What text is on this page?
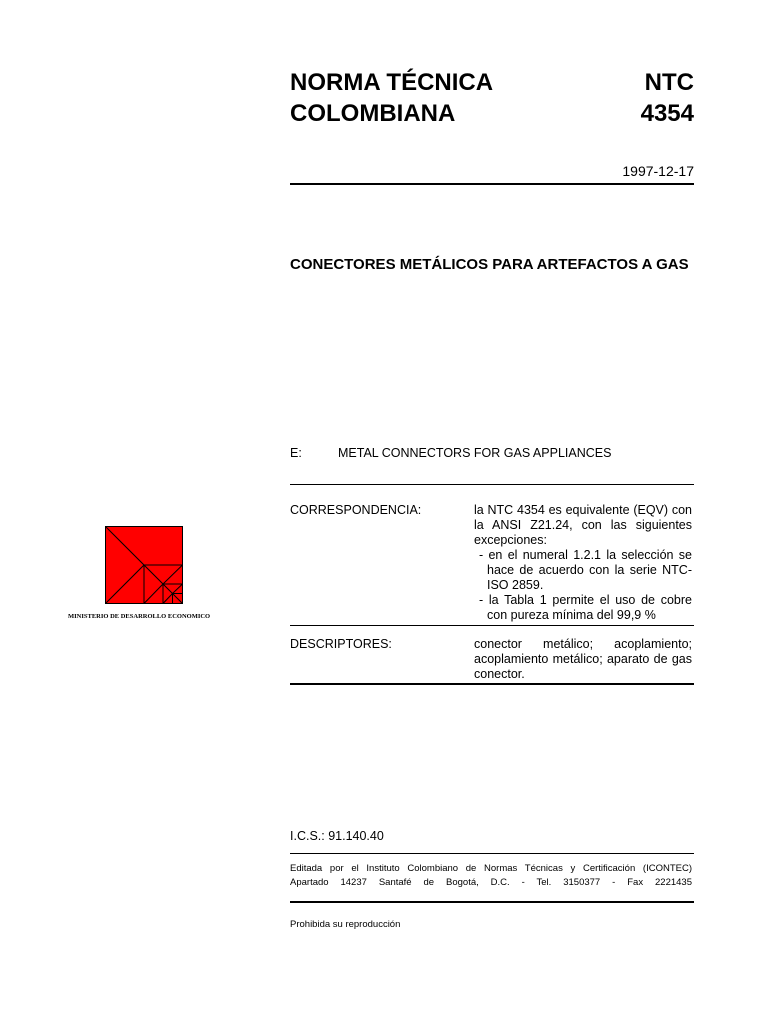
NORMA TÉCNICA
COLOMBIANA
NTC
4354
1997-12-17
CONECTORES METÁLICOS PARA ARTEFACTOS A GAS
E:	METAL CONNECTORS FOR GAS APPLIANCES
MINISTERIO DE DESARROLLO ECONOMICO
CORRESPONDENCIA:	la NTC 4354 es equivalente (EQV) con la ANSI Z21.24, con las siguientes excepciones:
- en el numeral 1.2.1 la selección se hace de acuerdo con la serie NTC-ISO 2859.
- la Tabla 1 permite el uso de cobre con pureza mínima del 99,9 %
DESCRIPTORES:	conector metálico; acoplamiento; acoplamiento metálico; aparato de gas conector.
I.C.S.: 91.140.40
Editada por el Instituto Colombiano de Normas Técnicas y Certificación (ICONTEC)
Apartado 14237 Santafé de Bogotá, D.C. - Tel. 3150377 - Fax 2221435
Prohibida su reproducción
